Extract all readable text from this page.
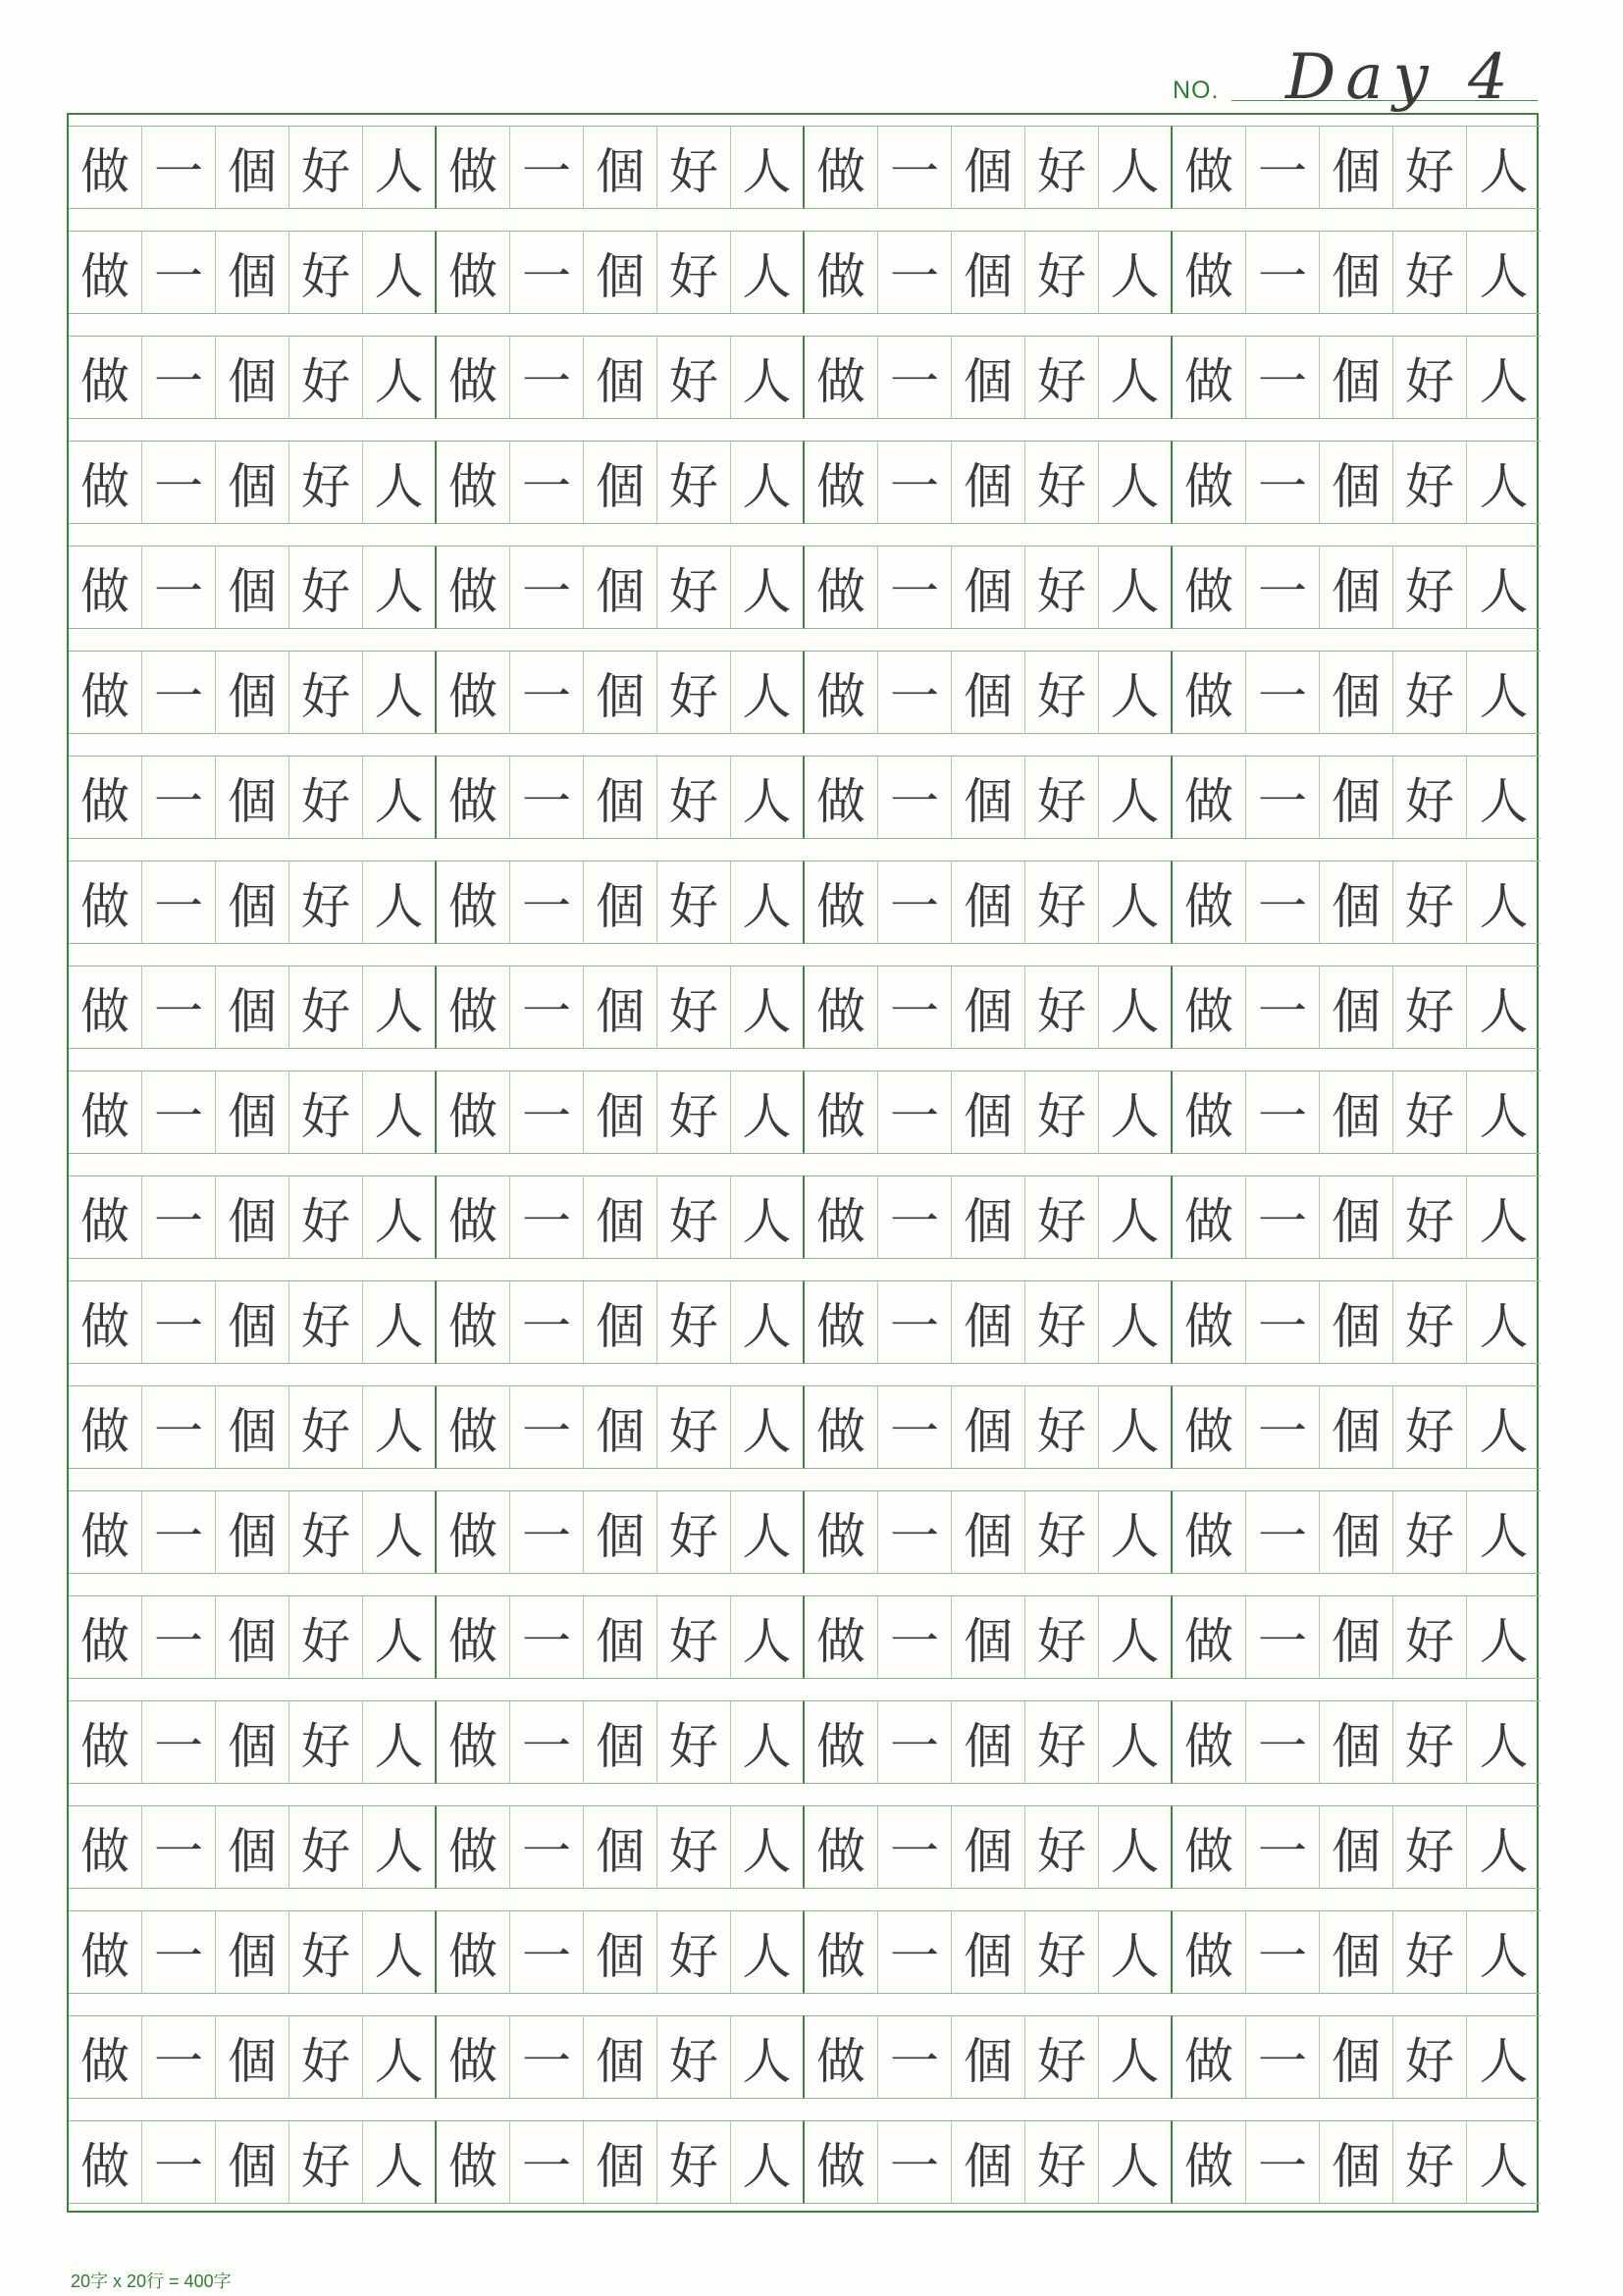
NO. Day 4
做 一 個 好 人 做 一 個 好 人 做 一 個 好 人 做 一 個 好 人
做 一 個 好 人 做 一 個 好 人 做 一 個 好 人 做 一 個 好 人
做 一 個 好 人 做 一 個 好 人 做 一 個 好 人 做 一 個 好 人
做 一 個 好 人 做 一 個 好 人 做 一 個 好 人 做 一 個 好 人
做 一 個 好 人 做 一 個 好 人 做 一 個 好 人 做 一 個 好 人
做 一 個 好 人 做 一 個 好 人 做 一 個 好 人 做 一 個 好 人
做 一 個 好 人 做 一 個 好 人 做 一 個 好 人 做 一 個 好 人
做 一 個 好 人 做 一 個 好 人 做 一 個 好 人 做 一 個 好 人
做 一 個 好 人 做 一 個 好 人 做 一 個 好 人 做 一 個 好 人
做 一 個 好 人 做 一 個 好 人 做 一 個 好 人 做 一 個 好 人
做 一 個 好 人 做 一 個 好 人 做 一 個 好 人 做 一 個 好 人
做 一 個 好 人 做 一 個 好 人 做 一 個 好 人 做 一 個 好 人
做 一 個 好 人 做 一 個 好 人 做 一 個 好 人 做 一 個 好 人
做 一 個 好 人 做 一 個 好 人 做 一 個 好 人 做 一 個 好 人
做 一 個 好 人 做 一 個 好 人 做 一 個 好 人 做 一 個 好 人
做 一 個 好 人 做 一 個 好 人 做 一 個 好 人 做 一 個 好 人
做 一 個 好 人 做 一 個 好 人 做 一 個 好 人 做 一 個 好 人
做 一 個 好 人 做 一 個 好 人 做 一 個 好 人 做 一 個 好 人
做 一 個 好 人 做 一 個 好 人 做 一 個 好 人 做 一 個 好 人
做 一 個 好 人 做 一 個 好 人 做 一 個 好 人 做 一 個 好 人
20字 x 20行 = 400字
